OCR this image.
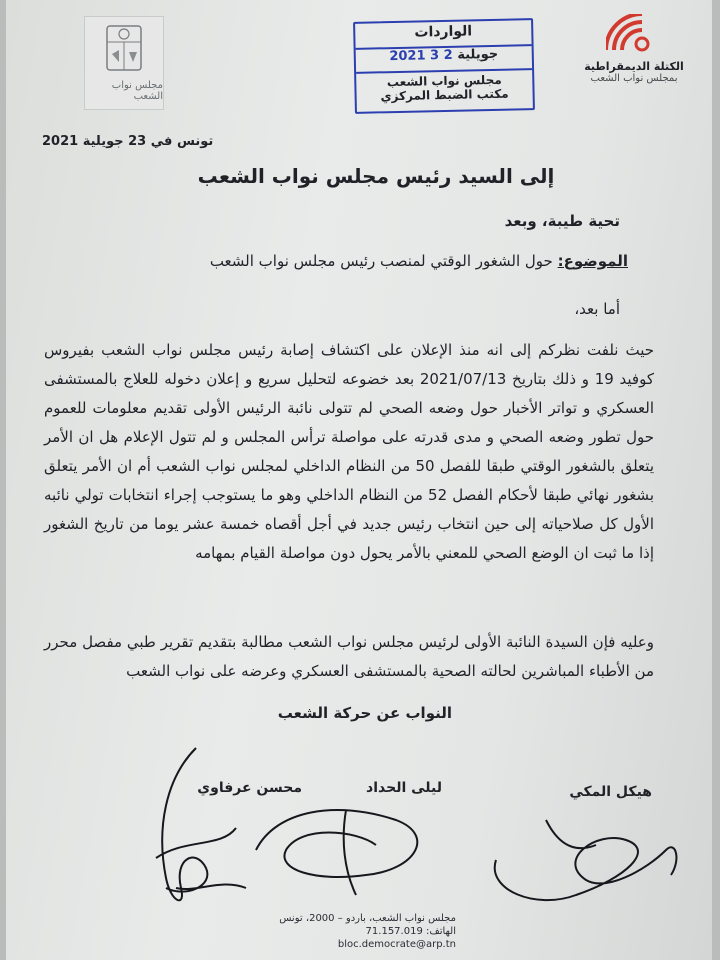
مجلس نواب الشعب
الواردات
2021 جويلية 2 3
مجلس نواب الشعب
مكتب الضبط المركزي
الكتلة الديمقراطية
بمجلس نواب الشعب
تونس في 23 جويلية 2021
إلى السيد رئيس مجلس نواب الشعب
تحية طيبة، وبعد
الموضوع: حول الشغور الوقتي لمنصب رئيس مجلس نواب الشعب
أما بعد،
حيث نلفت نظركم إلى انه منذ الإعلان على اكتشاف إصابة رئيس مجلس نواب الشعب بفيروس كوفيد 19 و ذلك بتاريخ 2021/07/13 بعد خضوعه لتحليل سريع و إعلان دخوله للعلاج بالمستشفى العسكري و تواتر الأخبار حول وضعه الصحي لم تتولى نائبة الرئيس الأولى تقديم معلومات للعموم حول تطور وضعه الصحي و مدى قدرته على مواصلة ترأس المجلس و لم تتول الإعلام هل ان الأمر يتعلق بالشغور الوقتي طبقا للفصل 50 من النظام الداخلي لمجلس نواب الشعب أم ان الأمر يتعلق بشغور نهائي طبقا لأحكام الفصل 52 من النظام الداخلي وهو ما يستوجب إجراء انتخابات تولي نائبه الأول كل صلاحياته إلى حين انتخاب رئيس جديد في أجل أقصاه خمسة عشر يوما من تاريخ الشغور إذا ما ثبت ان الوضع الصحي للمعني بالأمر يحول دون مواصلة القيام بمهامه
وعليه فإن السيدة النائبة الأولى لرئيس مجلس نواب الشعب مطالبة بتقديم تقرير طبي مفصل محرر من الأطباء المباشرين لحالته الصحية بالمستشفى العسكري وعرضه على نواب الشعب
النواب عن حركة الشعب
محسن عرفاوي	ليلى الحداد	هيكل المكي
مجلس نواب الشعب، باردو – 2000، تونس
الهاتف: 71.157.019
bloc.democrate@arp.tn
